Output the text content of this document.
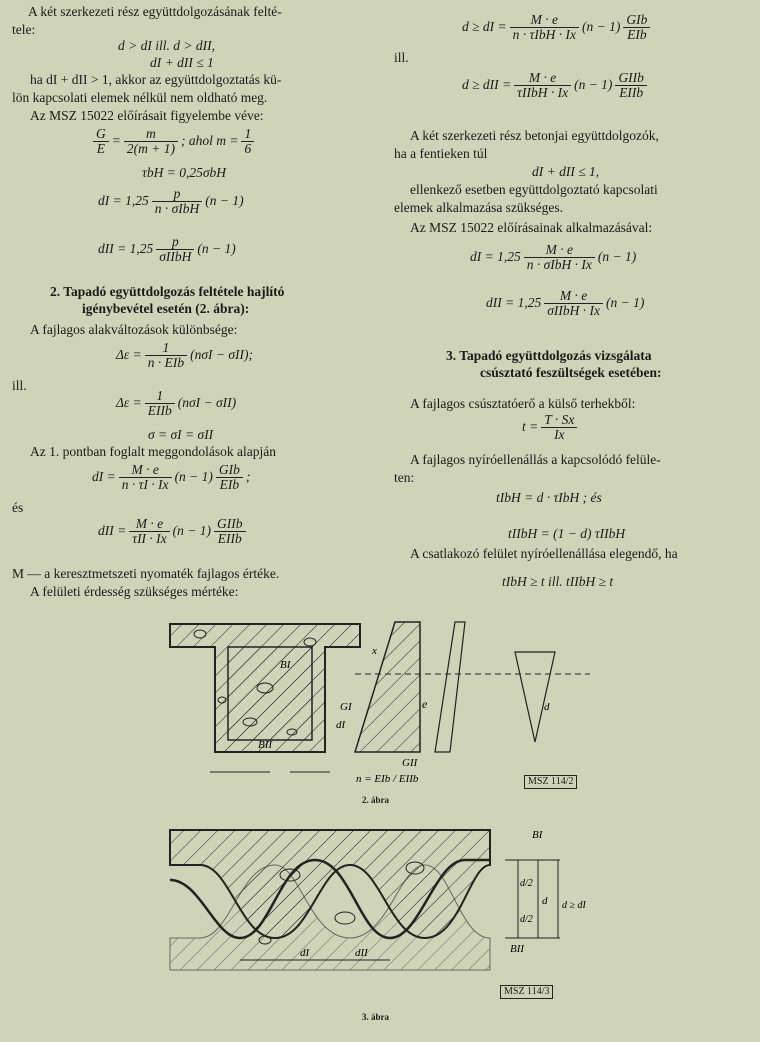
A két szerkezeti rész együttdolgozásának felté-
tele:
d > dI ill. d > dII,
dI + dII ≤ 1
ha dI + dII > 1, akkor az együttdolgoztatás kü-
lön kapcsolati elemek nélkül nem oldható meg.
Az MSZ 15022 előírásait figyelembe véve:
$\frac{G}{E} = \frac{m}{2(m + 1)}$ ; ahol $m = \frac{1}{6}$
τbH = 0,25σbH
dI = $1,25 \frac{p}{\text{n · σIbH}} (n - 1)$
dII = $1,25 \frac{p}{\text{σIIbH}} (n - 1)$
2. Tapadó együttdolgozás feltétele hajlító
igénybevétel esetén (2. ábra):
A fajlagos alakváltozások különbsége:
$\Delta\varepsilon = \frac{1}{\text{n · EIb}} (n\sigma I - \sigma II)$;
ill.
$\Delta\varepsilon = \frac{1}{\text{EIIb}} (n\sigma I - \sigma II)$
σ = σI = σII
Az 1. pontban foglalt meggondolások alapján
dI = $\frac{M \cdot e}{n \cdot \tau I \cdot Ix} (n - 1) \frac{\text{GIb}}{\text{EIb}}$ ;
és
dII = $\frac{M \cdot e}{\text{τII · Ix}} (n - 1) \frac{\text{GIIb}}{\text{EIIb}}$
M — a keresztmetszeti nyomaték fajlagos értéke.
A felületi érdesség szükséges mértéke:
d ≥ dI = $\frac{M \cdot e}{\text{n · τIbH · Ix}} (n - 1) \frac{\text{GIb}}{\text{EIb}}$
ill.
d ≥ dII = $\frac{M \cdot e}{\text{τIIbH · Ix}} (n - 1) \frac{\text{GIIb}}{\text{EIIb}}$
A két szerkezeti rész betonjai együttdolgozók,
ha a fentieken túl
dI + dII ≤ 1,
ellenkező esetben együttdolgoztató kapcsolati
elemek alkalmazása szükséges.
Az MSZ 15022 előírásainak alkalmazásával:
dI = $1,25 \frac{M \cdot e}{\text{n · σIbH · Ix}} (n - 1)$
dII = $1,25 \frac{M \cdot e}{\text{σIIbH · Ix}} (n - 1)$
3. Tapadó együttdolgozás vizsgálata
csúsztató feszültségek esetében:
A fajlagos csúsztatóerő a külső terhekből:
$t = \frac{T \cdot Sx}{Ix}$
A fajlagos nyíróellenállás a kapcsolódó felüle-
ten:
tIbH = d · τIbH ; és
tIIbH = (1 − d) τIIbH
A csatlakozó felület nyíróellenállása elegendő, ha
tIbH ≥ t ill. tIIbH ≥ t
BI
BII
x
GI
GII
e
dI
d
n = EIb / EIIb	MSZ 114/2
2. ábra
BI
BII
d/2
d/2
d d ≥ dI
dI	dII
MSZ 114/3
3. ábra
